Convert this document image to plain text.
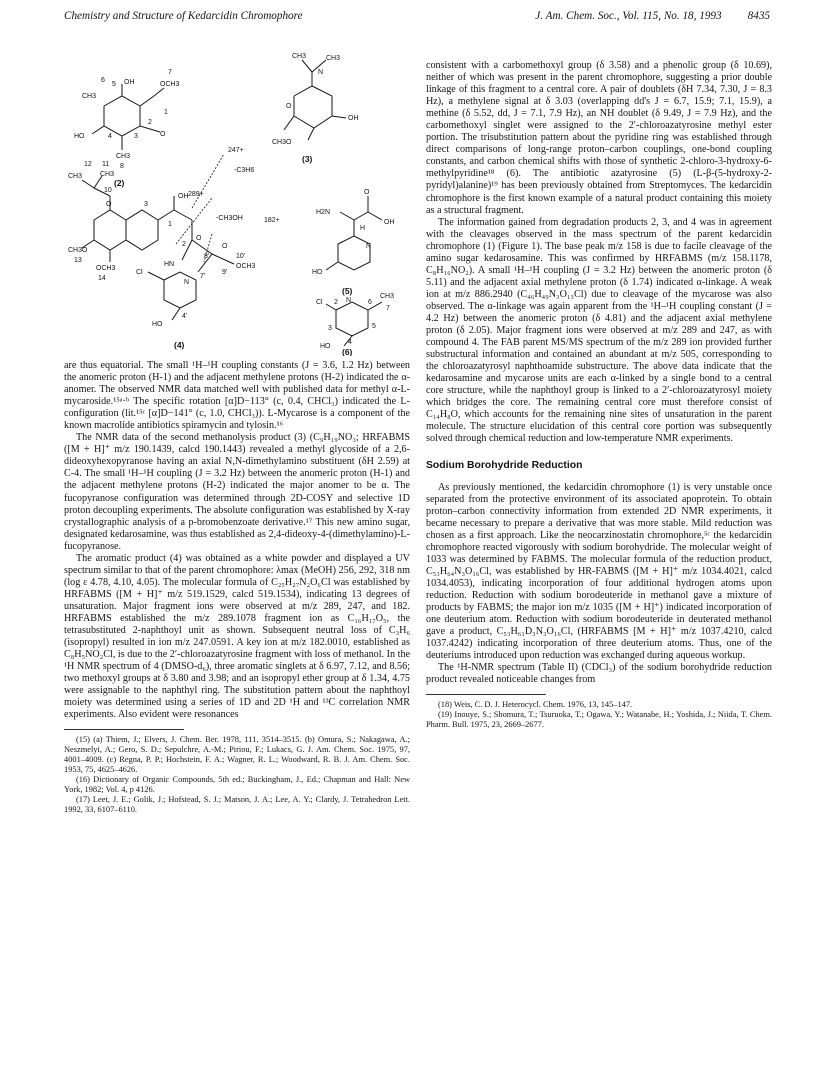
Chemistry and Structure of Kedarcidin Chromophore	J. Am. Chem. Soc., Vol. 115, No. 18, 1993 8435
6
5 OH
7
OCH3
CH3
HO	4	3
2
1
O
CH3
8
(2)
CH3	CH3
N
O
OH
CH3O
(3)
12 11
CH3	CH3
10
O	3
OH
1
O
2
CH3O
13
OCH3
14
HN
8'
9'
OCH3
10'
O
7'
Cl
N
HO
4'
247+
-C3H6
289+
-CH3OH	182+
(4)
H2N
H
O
OH
N
HO
(5)
Cl 2 N 6
CH3
7
5
4
HO
3
(6)

are thus equatorial. The small ¹H–¹H coupling constants (J = 3.6, 1.2 Hz) between the anomeric proton (H-1) and the adjacent methylene protons (H-2) indicated the α-anomer. The observed NMR data matched well with published data for methyl α-L-mycaroside.¹⁵ᵃ·ᵇ The specific rotation [α]D−113° (c, 0.4, CHCl₃) indicated the L-configuration (lit.¹⁵ᶜ [α]D−141° (c, 1.0, CHCl₃)). L-Mycarose is a component of the known macrolide antibiotics spiramycin and tylosin.¹⁶

The NMR data of the second methanolysis product (3) (C₉H₁₉NO₃; HRFABMS ([M + H]⁺ m/z 190.1439, calcd 190.1443) revealed a methyl glycoside of a 2,6-dideoxyhexopyranose having an axial N,N-dimethylamino substituent (δH 2.59) at C-4. The small ¹H–¹H coupling (J = 3.2 Hz) between the anomeric proton (H-1) and the adjacent methylene protons (H-2) indicated the major anomer to be α. The fucopyranose configuration was determined through 2D-COSY and selective 1D proton decoupling experiments. The absolute configuration was established by X-ray crystallographic analysis of a p-bromobenzoate derivative.¹⁷ This new amino sugar, designated kedarosamine, was thus established as 2,4-dideoxy-4-(dimethylamino)-L-fucopyranose.

The aromatic product (4) was obtained as a white powder and displayed a UV spectrum similar to that of the parent chromophore: λmax (MeOH) 256, 292, 318 nm (log ε 4.78, 4.10, 4.05). The molecular formula of C₂₅H₂₇N₂O₆Cl was established by HRFABMS ([M + H]⁺ m/z 519.1529, calcd 519.1534), indicating 13 degrees of unsaturation. Major fragment ions were observed at m/z 289, 247, and 182. HRFABMS established the m/z 289.1078 fragment ion as C₁₆H₁₇O₅, the tetrasubstituted 2-naphthoyl unit as shown. Subsequent neutral loss of C₃H₆ (isopropyl) resulted in ion m/z 247.0591. A key ion at m/z 182.0010, established as C₈H₅NO₂Cl, is due to the 2′-chloroazatyrosine fragment with loss of methanol. In the ¹H NMR spectrum of 4 (DMSO-d₆), three aromatic singlets at δ 6.97, 7.12, and 8.56; two methoxyl groups at δ 3.80 and 3.98; and an isopropyl ether group at δ 1.34, 4.75 were assignable to the naphthyl ring. The substitution pattern about the naphthoyl moiety was determined using a series of 1D and 2D ¹H and ¹³C correlation NMR experiments. Also evident were resonances

(15) (a) Thiem, J.; Elvers, J. Chem. Ber. 1978, 111, 3514–3515. (b) Omura, S.; Nakagawa, A.; Neszmelyi, A.; Gero, S. D.; Sepulchre, A.-M.; Piriou, F.; Lukacs, G. J. Am. Chem. Soc. 1975, 97, 4001–4009. (c) Regna, P. P.; Hochstein, F. A.; Wagner, R. L.; Woodward, R. B. J. Am. Chem. Soc. 1953, 75, 4625–4626.

(16) Dictionary of Organic Compounds, 5th ed.; Buckingham, J., Ed.; Chapman and Hall: New York, 1982; Vol. 4, p 4126.

(17) Leet, J. E.; Golik, J.; Hofstead, S. J.; Matson, J. A.; Lee, A. Y.; Clardy, J. Tetrahedron Lett. 1992, 33, 6107–6110.

consistent with a carbomethoxyl group (δ 3.58) and a phenolic group (δ 10.69), neither of which was present in the parent chromophore, suggesting a prior double linkage of this fragment to a central core. A pair of doublets (δH 7.34, 7.30, J = 8.3 Hz), a methylene signal at δ 3.03 (overlapping dd's J = 6.7, 15.9; 7.1, 15.9), a methine (δ 5.52, dd, J = 7.1, 7.9 Hz), an NH doublet (δ 9.49, J = 7.9 Hz), and the carbomethoxyl singlet were assigned to the 2′-chloroazatyrosine methyl ester portion. The trisubstitution pattern about the pyridine ring was established through direct comparisons of long-range proton–carbon couplings, one-bond coupling constants, and carbon chemical shifts with those of synthetic 2-chloro-3-hydroxy-6-methylpyridine¹⁸ (6). The antibiotic azatyrosine (5) (L-β-(5-hydroxy-2-pyridyl)alanine)¹⁹ has been previously obtained from Streptomyces. The kedarcidin chromophore is the first known example of a natural product containing this moiety as a structural fragment.

The information gained from degradation products 2, 3, and 4 was in agreement with the cleavages observed in the mass spectrum of the parent kedarcidin chromophore (1) (Figure 1). The base peak m/z 158 is due to facile cleavage of the amino sugar kedarosamine. This was confirmed by HRFABMS (m/z 158.1178, C₈H₁₆NO₂). A small ¹H–¹H coupling (J = 3.2 Hz) between the anomeric proton (δ 5.11) and the adjacent axial methylene proton (δ 1.74) indicated α-linkage. A weak ion at m/z 886.2940 (C₄₆H₄₉N₃O₁₃Cl) due to cleavage of the mycarose was also observed. The α-linkage was again apparent from the ¹H–¹H coupling constant (J = 4.2 Hz) between the anomeric proton (δ 4.81) and the adjacent axial methylene proton (δ 2.05). Major fragment ions were observed at m/z 289 and 247, as with compound 4. The FAB parent MS/MS spectrum of the m/z 289 ion provided further substructural information and contained an abundant at m/z 505, corresponding to the chloroazatyrosyl naphthoamide substructure. The above data indicate that the kedarosamine and mycarose units are each α-linked by a single bond to a central core structure, while the naphthoyl group is linked to a 2′-chloroazatyrosyl moiety which bridges the core. The remaining central core must therefore consist of C₁₄H₈O, which accounts for the remaining nine sites of unsaturation in the parent molecule. The structure elucidation of this central core portion was subsequently solved through chemical reduction and low-temperature NMR experiments.

Sodium Borohydride Reduction

As previously mentioned, the kedarcidin chromophore (1) is very unstable once separated from the protective environment of its associated apoprotein. To obtain proton–carbon connectivity information from extended 2D NMR experiments, it became necessary to prepare a derivative that was more stable. Mild reduction was chosen as a first approach. Like the neocarzinostatin chromophore,⁵ᶜ the kedarcidin chromophore reacted vigorously with sodium borohydride. The molecular weight of 1033 was determined by FABMS. The molecular formula of the reduction product, C₅₃H₆₄N₃O₁₆Cl, was established by HR-FABMS ([M + H]⁺ m/z 1034.4021, calcd 1034.4053), indicating incorporation of four additional hydrogen atoms upon reduction. Reduction with sodium borodeuteride in methanol gave a mixture of products by FABMS; the major ion m/z 1035 ([M + H]⁺) indicated incorporation of one deuterium atom. Reduction with sodium borodeuteride in deuterated methanol gave a product, C₅₃H₆₁D₃N₃O₁₆Cl, (HRFABMS [M + H]⁺ m/z 1037.4210, calcd 1037.4242) indicating incorporation of three deuterium atoms. Thus, one of the deuteriums introduced upon reduction was exchanged during aqueous workup.

The ¹H-NMR spectrum (Table II) (CDCl₃) of the sodium borohydride reduction product revealed noticeable changes from

(18) Weis, C. D. J. Heterocycl. Chem. 1976, 13, 145–147.

(19) Inouye, S.; Shomura, T.; Tsuruoka, T.; Ogawa, Y.; Watanabe, H.; Yoshida, J.; Niida, T. Chem. Pharm. Bull. 1975, 23, 2669–2677.
